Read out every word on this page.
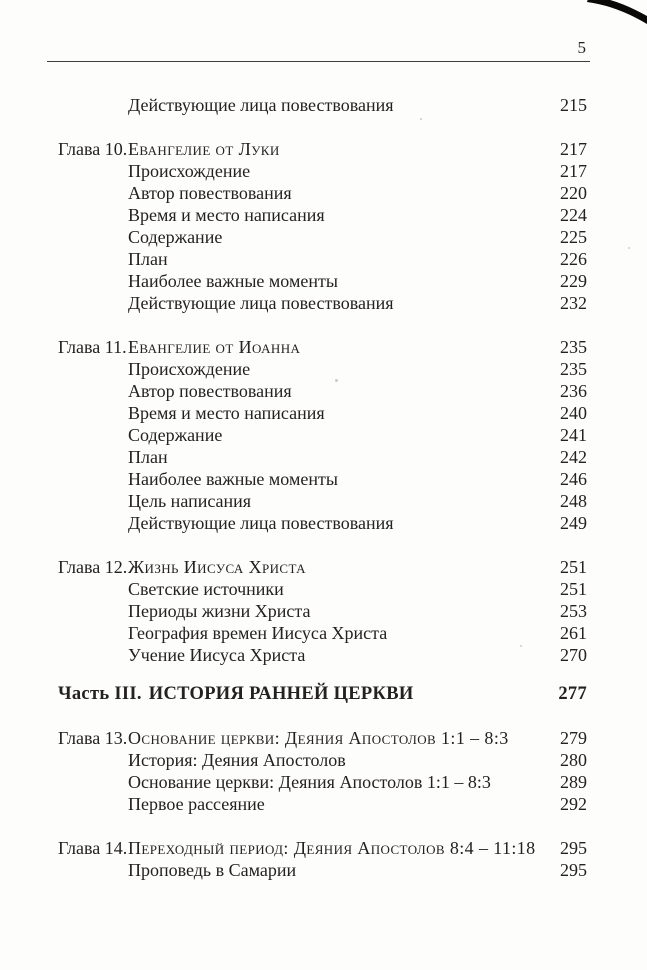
5
Действующие лица повествования	215
Глава 10.Евангелие от Луки	217
Происхождение	217
Автор повествования	220
Время и место написания	224
Содержание	225
План	226
Наиболее важные моменты	229
Действующие лица повествования	232
Глава 11.Евангелие от Иоанна	235
Происхождение	235
Автор повествования	236
Время и место написания	240
Содержание	241
План	242
Наиболее важные моменты	246
Цель написания	248
Действующие лица повествования	249
Глава 12.Жизнь Иисуса Христа	251
Светские источники	251
Периоды жизни Христа	253
География времен Иисуса Христа	261
Учение Иисуса Христа	270
Часть III. ИСТОРИЯ РАННЕЙ ЦЕРКВИ	277
Глава 13.Основание церкви: Деяния Апостолов 1:1 – 8:3	279
История: Деяния Апостолов	280
Основание церкви: Деяния Апостолов 1:1 – 8:3	289
Первое рассеяние	292
Глава 14.Переходный период: Деяния Апостолов 8:4 – 11:18	295
Проповедь в Самарии	295
